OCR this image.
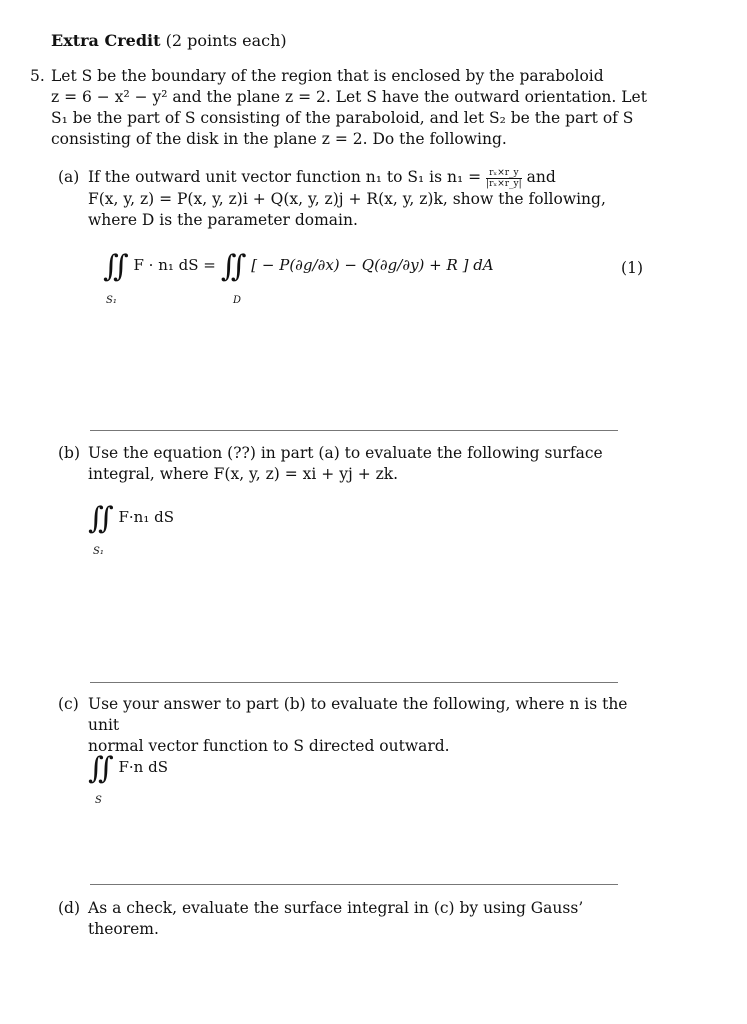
Extra Credit (2 points each)
5. Let S be the boundary of the region that is enclosed by the paraboloid
z = 6 − x² − y² and the plane z = 2. Let S have the outward orientation. Let
S₁ be the part of S consisting of the paraboloid, and let S₂ be the part of S
consisting of the disk in the plane z = 2. Do the following.
(a) If the outward unit vector function n₁ to S₁ is $n_1 = \frac{\text{rₓ×r\_y}}{\text{|rₓ×r\_y|}}$ and
F(x, y, z) = P(x, y, z)i + Q(x, y, z)j + R(x, y, z)k, show the following,
where D is the parameter domain.
∬ F · n₁ dS = ∬ [ − P(∂g/∂x) − Q(∂g/∂y) + R ] dA
S₁	D
(1)
(b) Use the equation (??) in part (a) to evaluate the following surface
integral, where F(x, y, z) = xi + yj + zk.
∬ F·n₁ dS
S₁
(c) Use your answer to part (b) to evaluate the following, where n is the unit
normal vector function to S directed outward.
∬ F·n dS
S
(d) As a check, evaluate the surface integral in (c) by using Gauss’ theorem.
